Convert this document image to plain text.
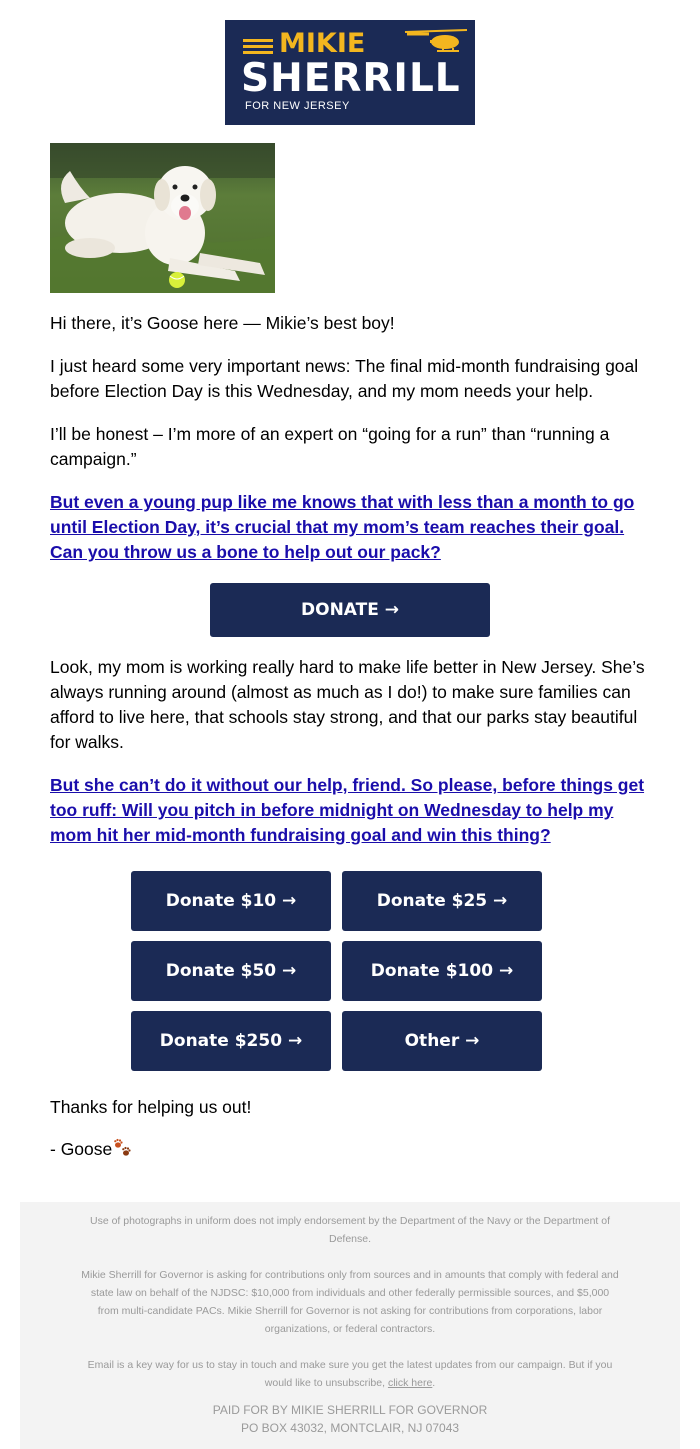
MIKIE
SHERRILL
FOR NEW JERSEY

Hi there, it’s Goose here — Mikie’s best boy!

I just heard some very important news: The final mid-month fundraising goal before Election Day is this Wednesday, and my mom needs your help.

I’ll be honest – I’m more of an expert on “going for a run” than “running a campaign.”

But even a young pup like me knows that with less than a month to go until Election Day, it’s crucial that my mom’s team reaches their goal. Can you throw us a bone to help out our pack?
DONATE →

Look, my mom is working really hard to make life better in New Jersey. She’s always running around (almost as much as I do!) to make sure families can afford to live here, that schools stay strong, and that our parks stay beautiful for walks.

But she can’t do it without our help, friend. So please, before things get too ruff: Will you pitch in before midnight on Wednesday to help my mom hit her mid-month fundraising goal and win this thing?
Donate $10 →	Donate $25 →
Donate $50 →	Donate $100 →
Donate $250 →	Other →

Thanks for helping us out!

- Goose

Use of photographs in uniform does not imply endorsement by the Department of the Navy or the Department of Defense.

Mikie Sherrill for Governor is asking for contributions only from sources and in amounts that comply with federal and state law on behalf of the NJDSC: $10,000 from individuals and other federally permissible sources, and $5,000 from multi-candidate PACs. Mikie Sherrill for Governor is not asking for contributions from corporations, labor organizations, or federal contractors.

Email is a key way for us to stay in touch and make sure you get the latest updates from our campaign. But if you would like to unsubscribe, click here.

PAID FOR BY MIKIE SHERRILL FOR GOVERNOR

PO BOX 43032, MONTCLAIR, NJ 07043
